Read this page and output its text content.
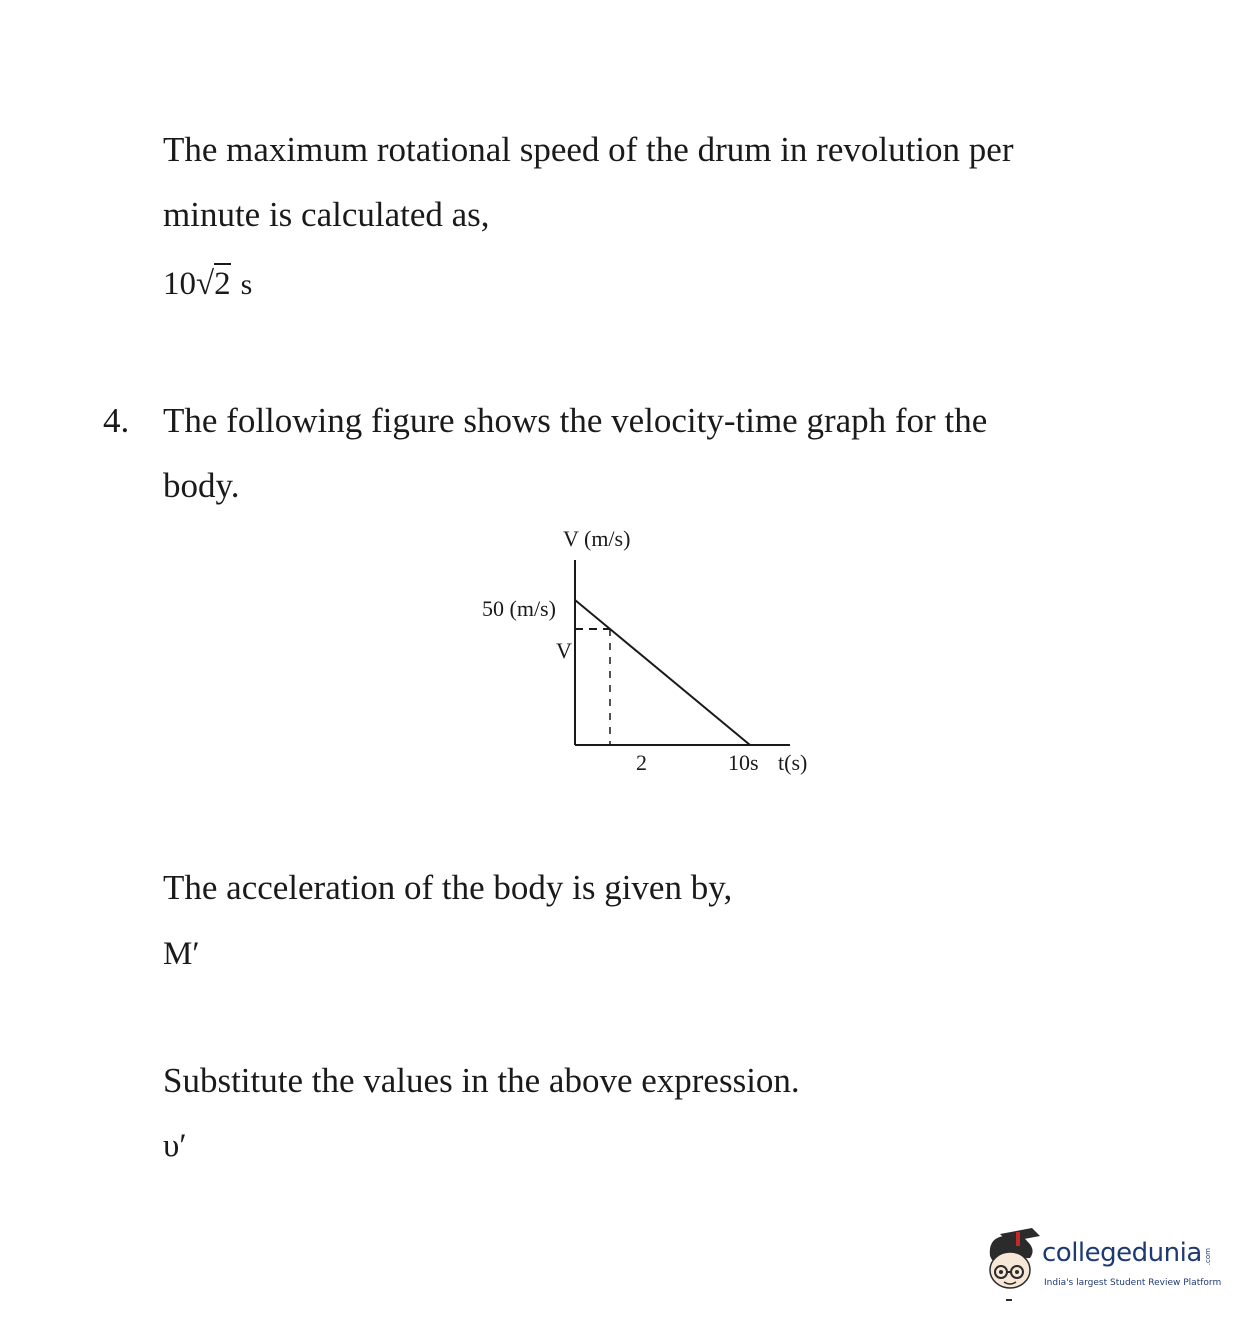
The maximum rotational speed of the drum in revolution per
minute is calculated as,
10√2 s
4. The following figure shows the velocity-time graph for the
body.
V (m/s)
50 (m/s)
V
2	10s t(s)
The acceleration of the body is given by,
M′
Substitute the values in the above expression.
υ′
collegedunia
India's largest Student Review Platform
.com
